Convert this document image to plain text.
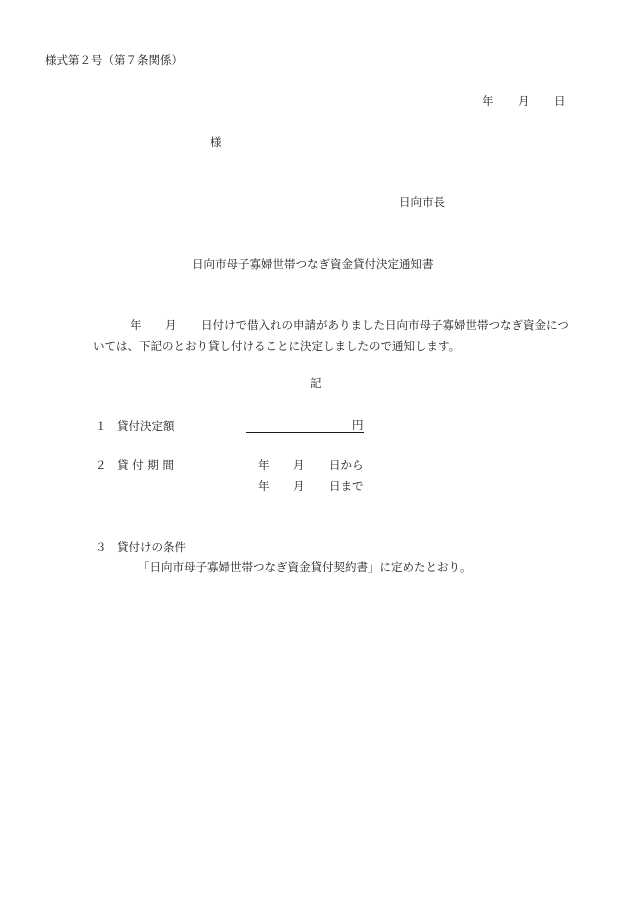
様式第２号（第７条関係）
年 月 日
様
日向市長
日向市母子寡婦世帯つなぎ資金貸付決定通知書
年 月 日付けで借入れの申請がありました日向市母子寡婦世帯つなぎ資金につ
いては、下記のとおり貸し付けることに決定しましたので通知します。
記
１ 貸付決定額	円
２ 貸 付 期 間	年 月 日から
年 月 日まで
３ 貸付けの条件
「日向市母子寡婦世帯つなぎ資金貸付契約書」に定めたとおり。
